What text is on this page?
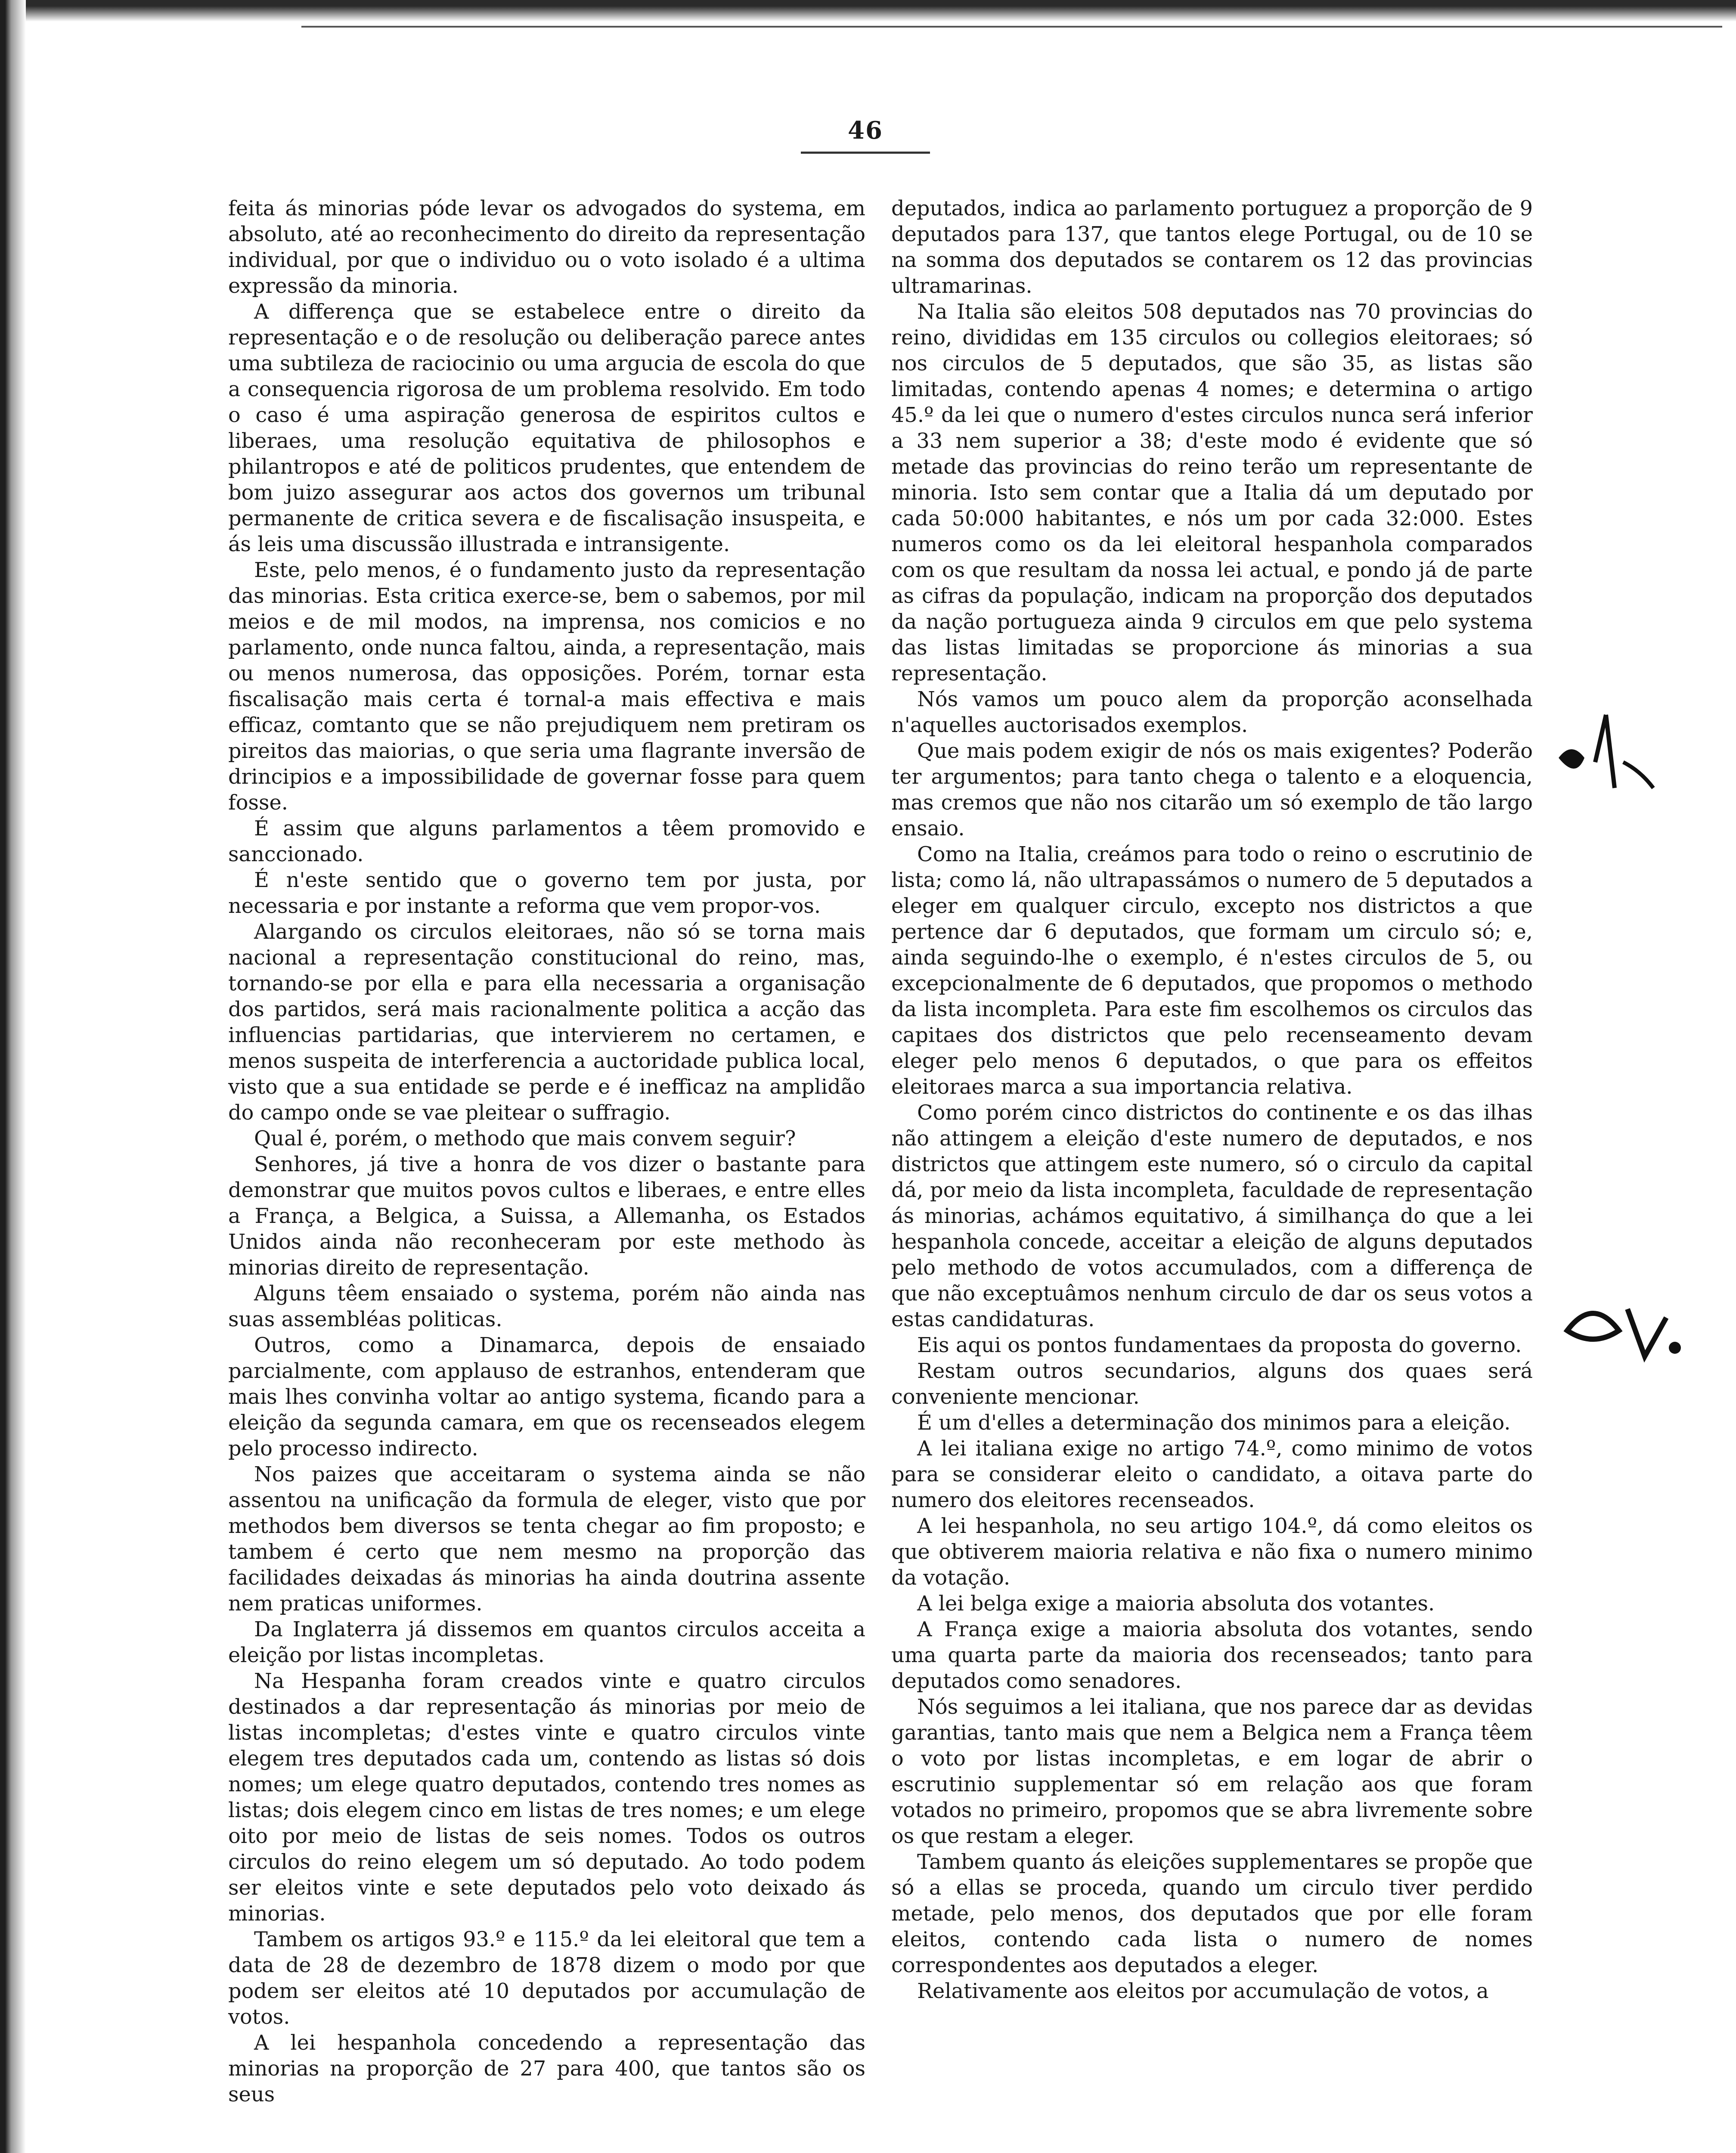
46

feita ás minorias póde levar os advogados do systema, em absoluto, até ao reconhecimento do direito da representação individual, por que o individuo ou o voto isolado é a ultima expressão da minoria.

A differença que se estabelece entre o direito da representação e o de resolução ou deliberação parece antes uma subtileza de raciocinio ou uma arguсia de escola do que a consequencia rigorosa de um problema resolvido. Em todo o caso é uma aspiração generosa de espiritos cultos e liberaes, uma resolução equitativa de philosophos e philantropos e até de politicos prudentes, que entendem de bom juizo assegurar aos actos dos governos um tribunal permanente de critica severa e de fiscalisação insuspeita, e ás leis uma discussão illustrada e intransigente.

Este, pelo menos, é o fundamento justo da representação das minorias. Esta critica exerce-se, bem o sabemos, por mil meios e de mil modos, na imprensa, nos comicios e no parlamento, onde nunca faltou, ainda, a representação, mais ou menos numerosa, das opposições. Porém, tornar esta fiscalisação mais certa é tornal-a mais effectiva e mais efficaz, comtanto que se não prejudiquem nem pretiram os pireitos das maiorias, o que seria uma flagrante inversão de drincipios e a impossibilidade de governar fosse para quem fosse.

É assim que alguns parlamentos a têem promovido e sanccionado.

É n'este sentido que o governo tem por justa, por necessaria e por instante a reforma que vem propor-vos.

Alargando os circulos eleitoraes, não só se torna mais nacional a representação constitucional do reino, mas, tornando-se por ella e para ella necessaria a organisação dos partidos, será mais racionalmente politica a acção das influencias partidarias, que intervierem no certamen, e menos suspeita de interferencia a auctoridade publica local, visto que a sua entidade se perde e é inefficaz na amplidão do campo onde se vae pleitear o suffragio.

Qual é, porém, o methodo que mais convem seguir?

Senhores, já tive a honra de vos dizer o bastante para demonstrar que muitos povos cultos e liberaes, e entre elles a França, a Belgica, a Suissa, a Allemanha, os Estados Unidos ainda não reconheceram por este methodo às minorias direito de representação.

Alguns têem ensaiado o systema, porém não ainda nas suas assembléas politicas.

Outros, como a Dinamarca, depois de ensaiado parcialmente, com applauso de estranhos, entenderam que mais lhes convinha voltar ao antigo systema, ficando para a eleição da segunda camara, em que os recenseados elegem pelo processo indirecto.

Nos paizes que acceitaram o systema ainda se não assentou na unificação da formula de eleger, visto que por methodos bem diversos se tenta chegar ao fim proposto; e tambem é certo que nem mesmo na proporção das facilidades deixadas ás minorias ha ainda doutrina assente nem praticas uniformes.

Da Inglaterra já dissemos em quantos circulos acceita a eleição por listas incompletas.

Na Hespanha foram creados vinte e quatro circulos destinados a dar representação ás minorias por meio de listas incompletas; d'estes vinte e quatro circulos vinte elegem tres deputados cada um, contendo as listas só dois nomes; um elege quatro deputados, contendo tres nomes as listas; dois elegem cinco em listas de tres nomes; e um elege oito por meio de listas de seis nomes. Todos os outros circulos do reino elegem um só deputado. Ao todo podem ser eleitos vinte e sete deputados pelo voto deixado ás minorias.

Tambem os artigos 93.º e 115.º da lei eleitoral que tem a data de 28 de dezembro de 1878 dizem o modo por que podem ser eleitos até 10 deputados por accumulação de votos.

A lei hespanhola concedendo a representação das minorias na proporção de 27 para 400, que tantos são os seus

deputados, indica ao parlamento portuguez a proporção de 9 deputados para 137, que tantos elege Portugal, ou de 10 se na somma dos deputados se contarem os 12 das provincias ultramarinas.

Na Italia são eleitos 508 deputados nas 70 provincias do reino, divididas em 135 circulos ou collegios eleitoraes; só nos circulos de 5 deputados, que são 35, as listas são limitadas, contendo apenas 4 nomes; e determina o artigo 45.º da lei que o numero d'estes circulos nunca será inferior a 33 nem superior a 38; d'este modo é evidente que só metade das provincias do reino terão um representante de minoria. Isto sem contar que a Italia dá um deputado por cada 50:000 habitantes, e nós um por cada 32:000. Estes numeros como os da lei eleitoral hespanhola comparados com os que resultam da nossa lei actual, e pondo já de parte as cifras da população, indicam na proporção dos deputados da nação portugueza ainda 9 circulos em que pelo systema das listas limitadas se proporcione ás minorias a sua representação.

Nós vamos um pouco alem da proporção aconselhada n'aquelles auctorisados exemplos.

Que mais podem exigir de nós os mais exigentes? Poderão ter argumentos; para tanto chega o talento e a eloquencia, mas cremos que não nos citarão um só exemplo de tão largo ensaio.

Como na Italia, creámos para todo o reino o escrutinio de lista; como lá, não ultrapassámos o numero de 5 deputados a eleger em qualquer circulo, excepto nos districtos a que pertence dar 6 deputados, que formam um circulo só; e, ainda seguindo-lhe o exemplo, é n'estes circulos de 5, ou excepcionalmente de 6 deputados, que propomos o methodo da lista incompleta. Para este fim escolhemos os circulos das capitaes dos districtos que pelo recenseamento devam eleger pelo menos 6 deputados, o que para os effeitos eleitoraes marca a sua importancia relativa.

Como porém cinco districtos do continente e os das ilhas não attingem a eleição d'este numero de deputados, e nos districtos que attingem este numero, só o circulo da capital dá, por meio da lista incompleta, faculdade de representação ás minorias, achámos equitativo, á similhança do que a lei hespanhola concede, acceitar a eleição de alguns deputados pelo methodo de votos accumulados, com a differença de que não exceptuâmos nenhum circulo de dar os seus votos a estas candidaturas.

Eis aqui os pontos fundamentaes da proposta do governo.

Restam outros secundarios, alguns dos quaes será conveniente mencionar.

É um d'elles a determinação dos minimos para a eleição.

A lei italiana exige no artigo 74.º, como minimo de votos para se considerar eleito o candidato, a oitava parte do numero dos eleitores recenseados.

A lei hespanhola, no seu artigo 104.º, dá como eleitos os que obtiverem maioria relativa e não fixa o numero minimo da votação.

A lei belga exige a maioria absoluta dos votantes.

A França exige a maioria absoluta dos votantes, sendo uma quarta parte da maioria dos recenseados; tanto para deputados como senadores.

Nós seguimos a lei italiana, que nos parece dar as devidas garantias, tanto mais que nem a Belgica nem a França têem o voto por listas incompletas, e em logar de abrir o escrutinio supplementar só em relação aos que foram votados no primeiro, propomos que se abra livremente sobre os que restam a eleger.

Tambem quanto ás eleições supplementares se propõe que só a ellas se proceda, quando um circulo tiver perdido metade, pelo menos, dos deputados que por elle foram eleitos, contendo cada lista o numero de nomes correspondentes aos deputados a eleger.

Relativamente aos eleitos por accumulação de votos, a
